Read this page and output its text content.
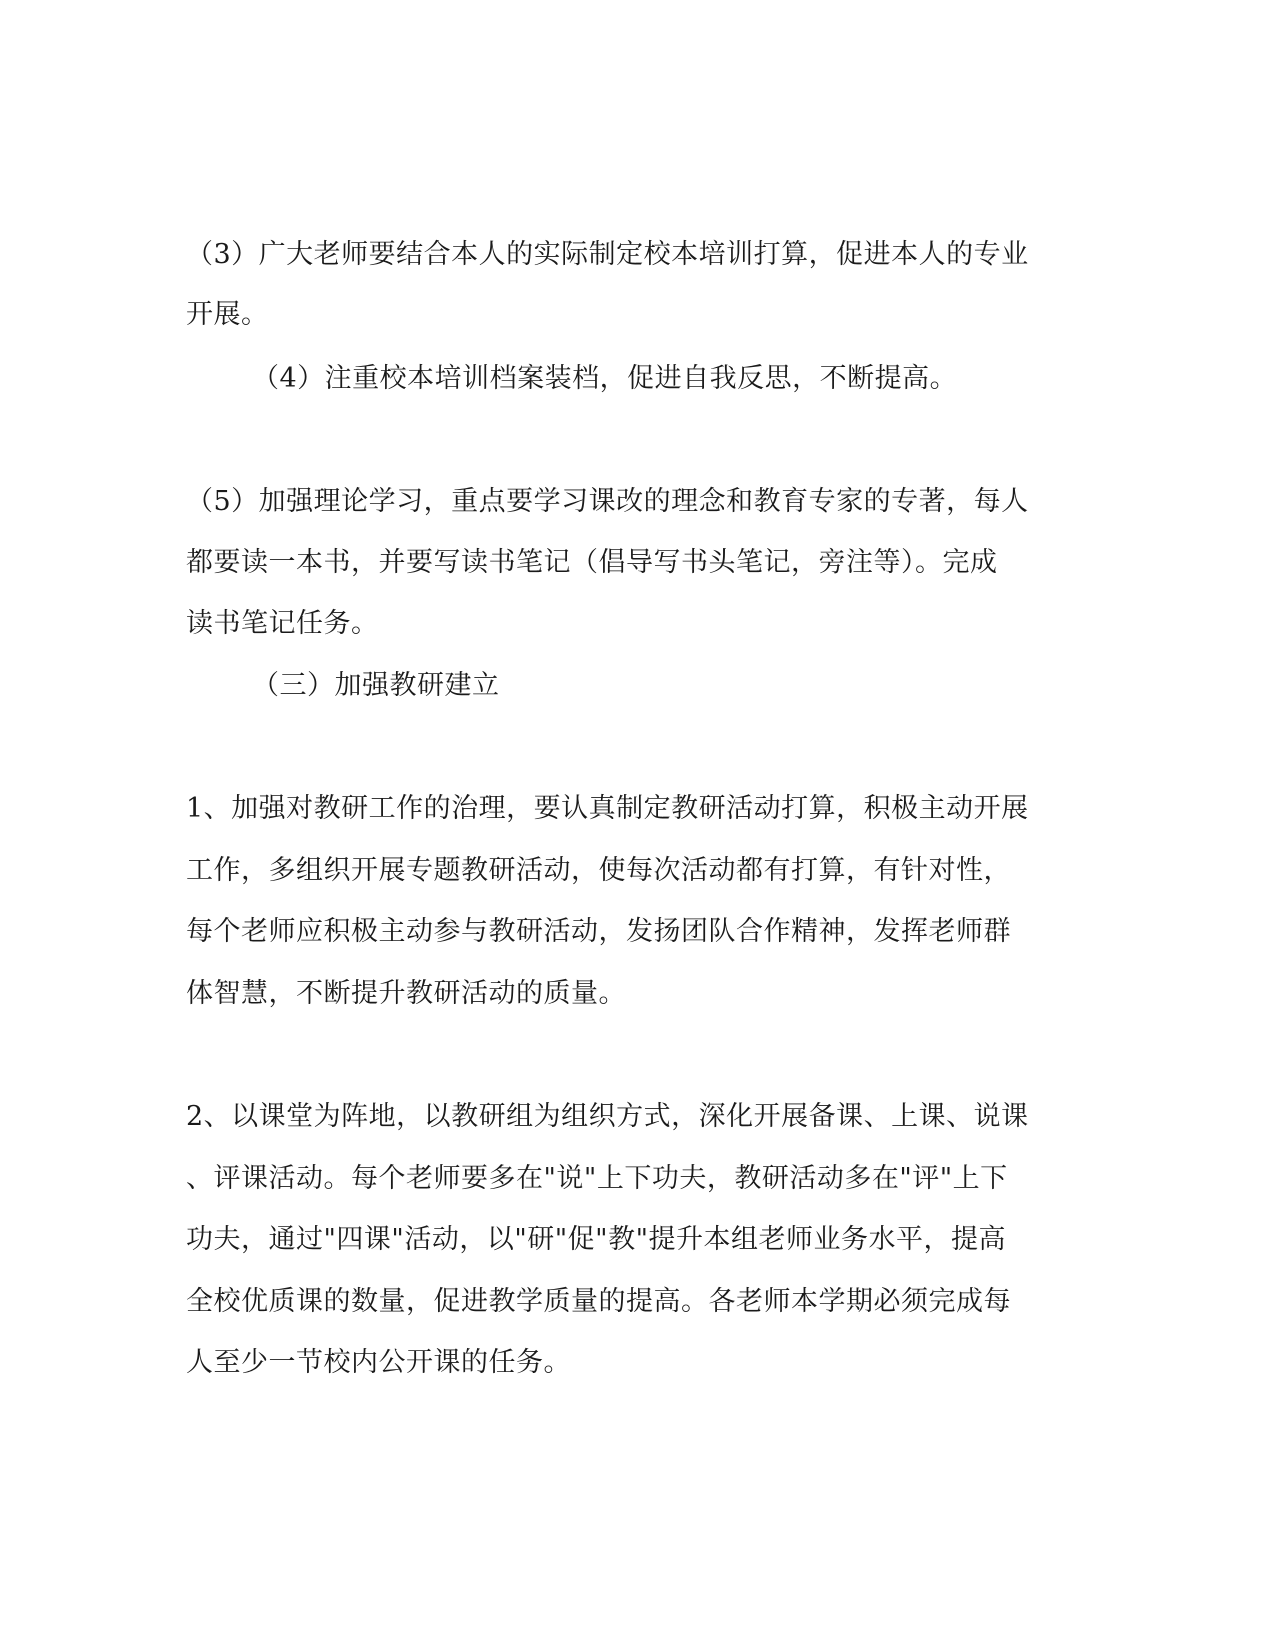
（3）广大老师要结合本人的实际制定校本培训打算，促进本人的专业
开展。
（4）注重校本培训档案装档，促进自我反思，不断提高。
（5）加强理论学习，重点要学习课改的理念和教育专家的专著，每人
都要读一本书，并要写读书笔记（倡导写书头笔记，旁注等）。完成
读书笔记任务。
（三）加强教研建立
1、加强对教研工作的治理，要认真制定教研活动打算，积极主动开展
工作，多组织开展专题教研活动，使每次活动都有打算，有针对性，
每个老师应积极主动参与教研活动，发扬团队合作精神，发挥老师群
体智慧，不断提升教研活动的质量。
2、以课堂为阵地，以教研组为组织方式，深化开展备课、上课、说课
、评课活动。每个老师要多在"说"上下功夫，教研活动多在"评"上下
功夫，通过"四课"活动，以"研"促"教"提升本组老师业务水平，提高
全校优质课的数量，促进教学质量的提高。各老师本学期必须完成每
人至少一节校内公开课的任务。
